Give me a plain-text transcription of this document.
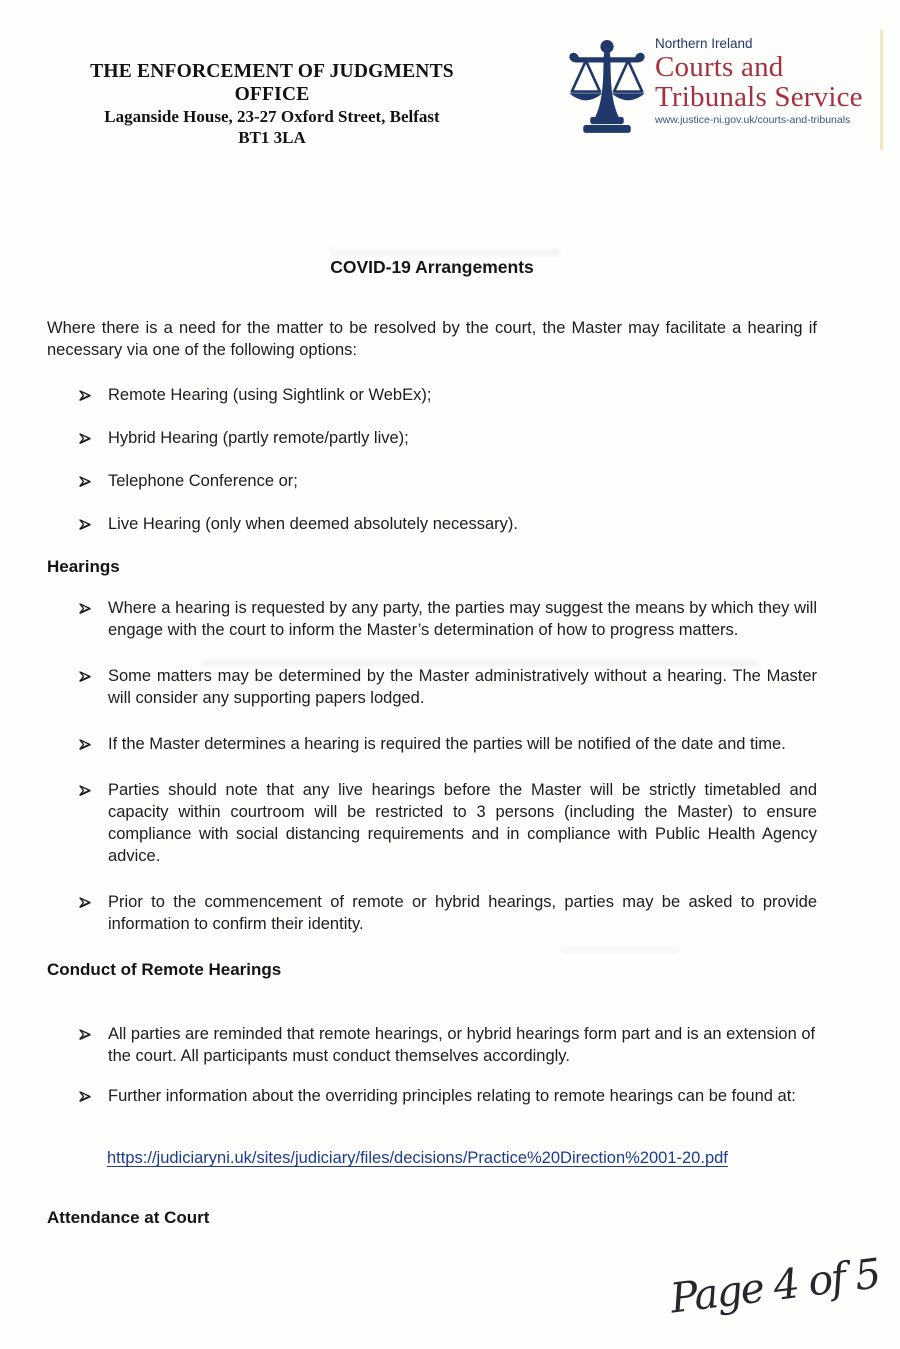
THE ENFORCEMENT OF JUDGMENTS OFFICE
Laganside House, 23-27 Oxford Street, Belfast
BT1 3LA
Northern Ireland
Courts and
Tribunals Service
www.justice-ni.gov.uk/courts-and-tribunals
COVID-19 Arrangements

Where there is a need for the matter to be resolved by the court, the Master may facilitate a hearing if necessary via one of the following options:

Remote Hearing (using Sightlink or WebEx);
Hybrid Hearing (partly remote/partly live);
Telephone Conference or;
Live Hearing (only when deemed absolutely necessary).
Hearings
Where a hearing is requested by any party, the parties may suggest the means by which they will engage with the court to inform the Master’s determination of how to progress matters.
Some matters may be determined by the Master administratively without a hearing. The Master will consider any supporting papers lodged.
If the Master determines a hearing is required the parties will be notified of the date and time.
Parties should note that any live hearings before the Master will be strictly timetabled and capacity within courtroom will be restricted to 3 persons (including the Master) to ensure compliance with social distancing requirements and in compliance with Public Health Agency advice.
Prior to the commencement of remote or hybrid hearings, parties may be asked to provide information to confirm their identity.
Conduct of Remote Hearings
All parties are reminded that remote hearings, or hybrid hearings form part and is an extension of the court. All participants must conduct themselves accordingly.
Further information about the overriding principles relating to remote hearings can be found at:
https://judiciaryni.uk/sites/judiciary/files/decisions/Practice%20Direction%2001-20.pdf
Attendance at Court
Page 4 of 5
